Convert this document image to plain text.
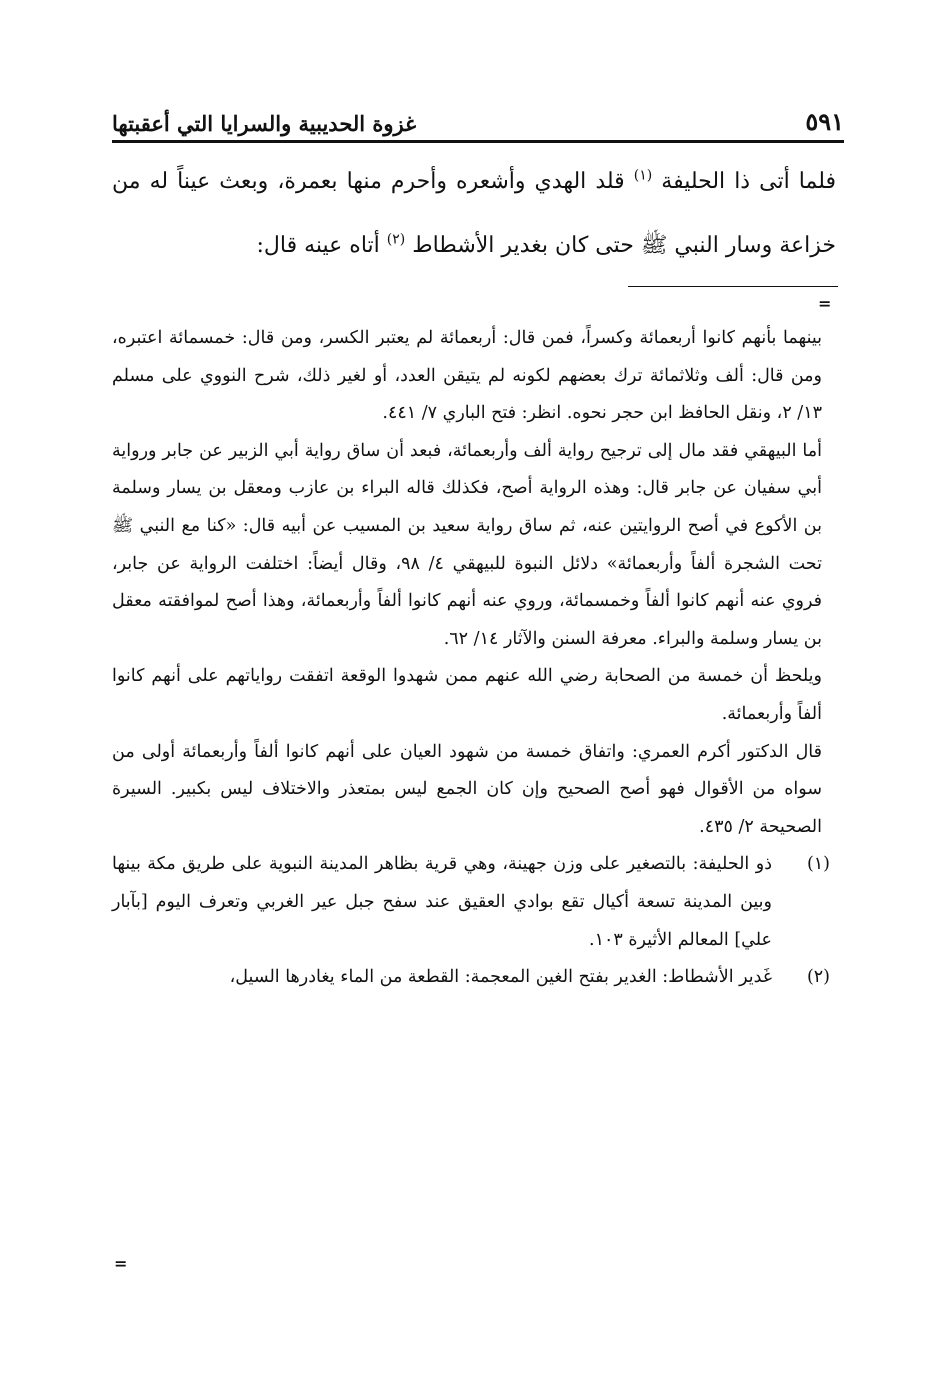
٥٩١
غزوة الحديبية والسرايا التي أعقبتها

فلما أتى ذا الحليفة $^{(١)}$ قلد الهدي وأشعره وأحرم منها بعمرة، وبعث عيناً له من خزاعة وسار النبي ﷺ حتى كان بغدير الأشطاط $^{(٢)}$ أتاه عينه قال:

=

بينهما بأنهم كانوا أربعمائة وكسراً، فمن قال: أربعمائة لم يعتبر الكسر، ومن قال: خمسمائة اعتبره، ومن قال: ألف وثلاثمائة ترك بعضهم لكونه لم يتيقن العدد، أو لغير ذلك، شرح النووي على مسلم ١٣/ ٢، ونقل الحافظ ابن حجر نحوه. انظر: فتح الباري ٧/ ٤٤١.

أما البيهقي فقد مال إلى ترجيح رواية ألف وأربعمائة، فبعد أن ساق رواية أبي الزبير عن جابر ورواية أبي سفيان عن جابر قال: وهذه الرواية أصح، فكذلك قاله البراء بن عازب ومعقل بن يسار وسلمة بن الأكوع في أصح الروايتين عنه، ثم ساق رواية سعيد بن المسيب عن أبيه قال: «كنا مع النبي ﷺ تحت الشجرة ألفاً وأربعمائة» دلائل النبوة للبيهقي ٤/ ٩٨، وقال أيضاً: اختلفت الرواية عن جابر، فروي عنه أنهم كانوا ألفاً وخمسمائة، وروي عنه أنهم كانوا ألفاً وأربعمائة، وهذا أصح لموافقته معقل بن يسار وسلمة والبراء. معرفة السنن والآثار ١٤/ ٦٢.

ويلحظ أن خمسة من الصحابة رضي الله عنهم ممن شهدوا الوقعة اتفقت رواياتهم على أنهم كانوا ألفاً وأربعمائة.

قال الدكتور أكرم العمري: واتفاق خمسة من شهود العيان على أنهم كانوا ألفاً وأربعمائة أولى من سواه من الأقوال فهو أصح الصحيح وإن كان الجمع ليس بمتعذر والاختلاف ليس بكبير. السيرة الصحيحة ٢/ ٤٣٥.

(١)
ذو الحليفة: بالتصغير على وزن جهينة، وهي قرية بظاهر المدينة النبوية على طريق مكة بينها وبين المدينة تسعة أكيال تقع بوادي العقيق عند سفح جبل عير الغربي وتعرف اليوم [بآبار علي] المعالم الأثيرة ١٠٣.
(٢)
غَدير الأشطاط: الغدير بفتح الغين المعجمة: القطعة من الماء يغادرها السيل،
=
